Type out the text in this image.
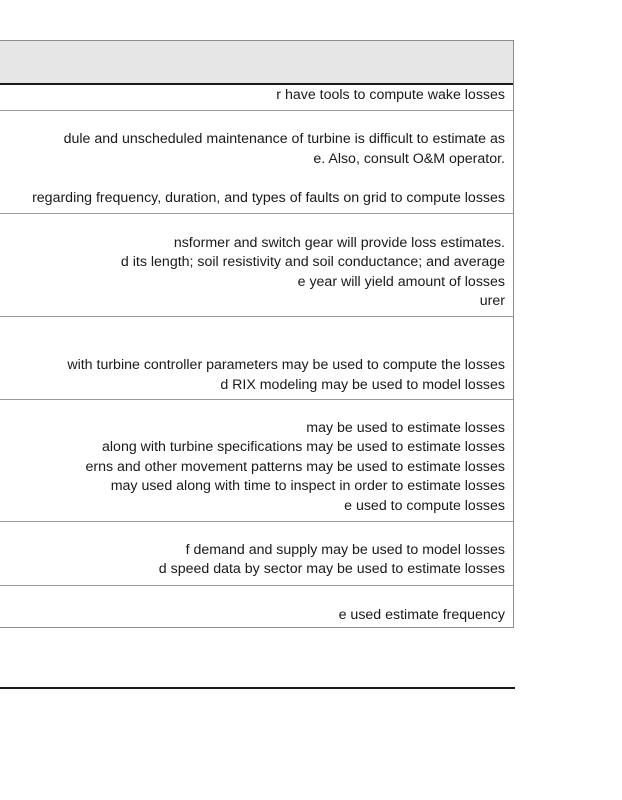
r have tools to compute wake losses
dule and unscheduled maintenance of turbine is difficult to estimate as
e. Also, consult O&M operator.
regarding frequency, duration, and types of faults on grid to compute losses
nsformer and switch gear will provide loss estimates.
d its length; soil resistivity and soil conductance; and average
e year will yield amount of losses
urer
with turbine controller parameters may be used to compute the losses
d RIX modeling may be used to model losses
may be used to estimate losses
along with turbine specifications may be used to estimate losses
erns and other movement patterns may be used to estimate losses
may used along with time to inspect in order to estimate losses
e used to compute losses
f demand and supply may be used to model losses
d speed data by sector may be used to estimate losses
e used estimate frequency
